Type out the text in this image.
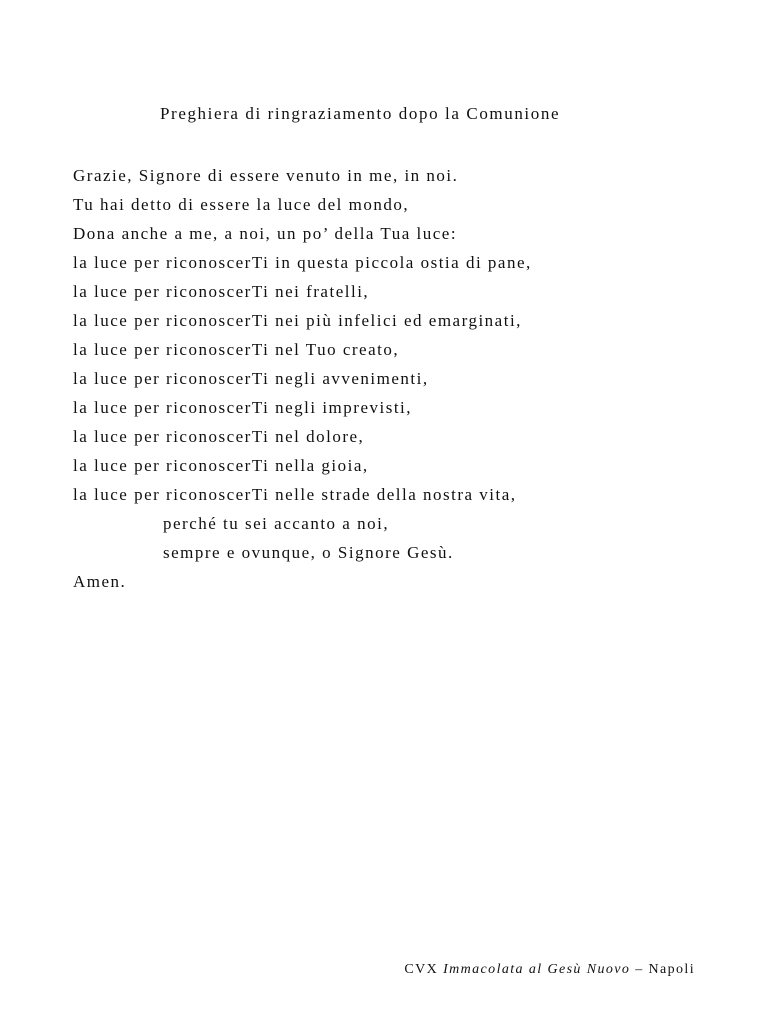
Preghiera di ringraziamento dopo la Comunione
Grazie, Signore di essere venuto in me, in noi.
Tu hai detto di essere la luce del mondo,
Dona anche a me, a noi, un po’ della Tua luce:
la luce per riconoscerTi in questa piccola ostia di pane,
la luce per riconoscerTi nei fratelli,
la luce per riconoscerTi nei più infelici ed emarginati,
la luce per riconoscerTi nel Tuo creato,
la luce per riconoscerTi negli avvenimenti,
la luce per riconoscerTi negli imprevisti,
la luce per riconoscerTi nel dolore,
la luce per riconoscerTi nella gioia,
la luce per riconoscerTi nelle strade della nostra vita,
perché tu sei accanto a noi,
sempre e ovunque, o Signore Gesù.
Amen.
CVX Immacolata al Gesù Nuovo – Napoli
